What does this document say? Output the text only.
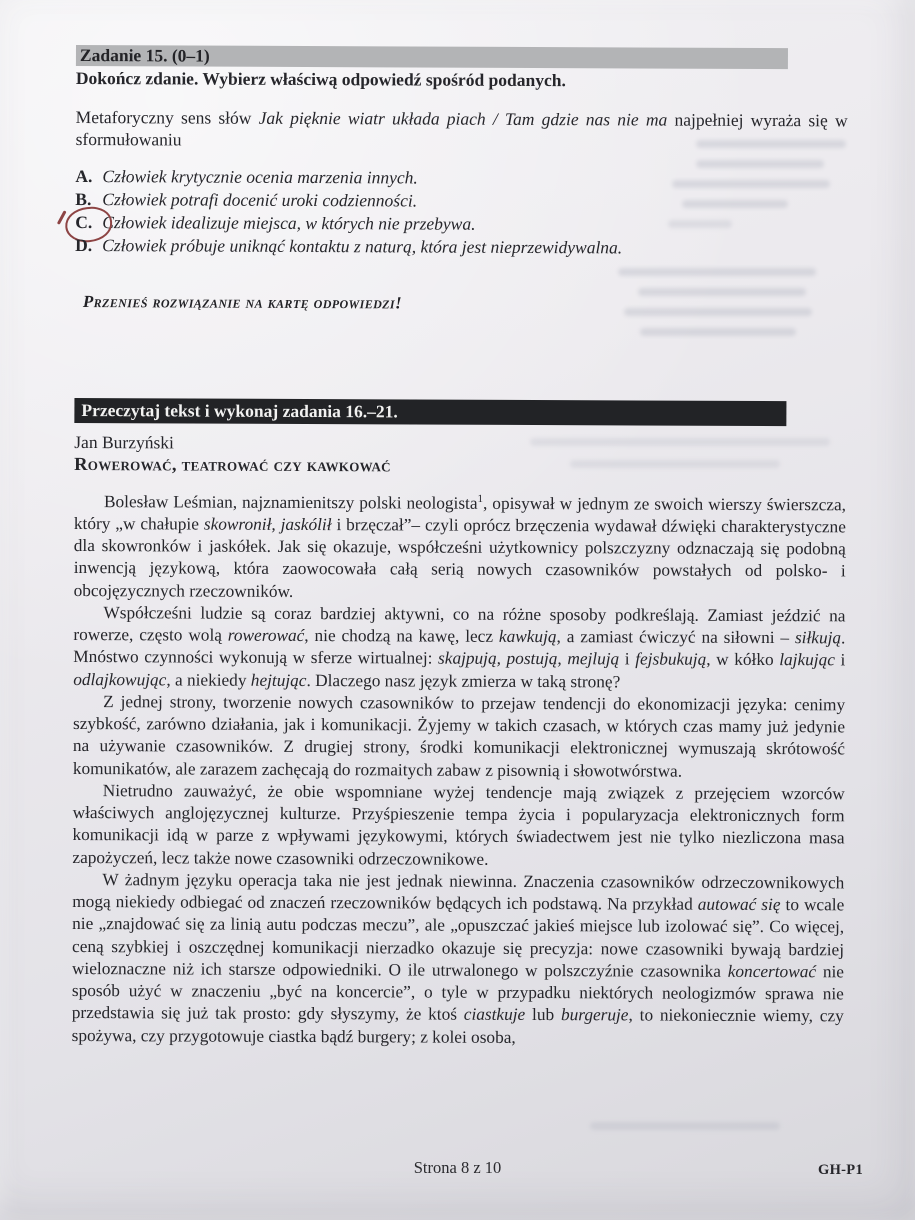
Zadanie 15. (0–1)
Dokończ zdanie. Wybierz właściwą odpowiedź spośród podanych.
Metaforyczny sens słów Jak pięknie wiatr układa piach / Tam gdzie nas nie ma najpełniej wyraża się w sformułowaniu
A. Człowiek krytycznie ocenia marzenia innych.
B. Człowiek potrafi docenić uroki codzienności.
C. Człowiek idealizuje miejsca, w których nie przebywa.
D. Człowiek próbuje uniknąć kontaktu z naturą, która jest nieprzewidywalna.
Przenieś rozwiązanie na kartę odpowiedzi!
Przeczytaj tekst i wykonaj zadania 16.–21.
Jan Burzyński
Rowerować, teatrować czy kawkować

Bolesław Leśmian, najznamienitszy polski neologista$^1$, opisywał w jednym ze swoich wierszy świerszcza, który „w chałupie skowronił, jaskólił i brzęczał”– czyli oprócz brzęczenia wydawał dźwięki charakterystyczne dla skowronków i jaskółek. Jak się okazuje, współcześni użytkownicy polszczyzny odznaczają się podobną inwencją językową, która zaowocowała całą serią nowych czasowników powstałych od polsko- i obcojęzycznych rzeczowników.

Współcześni ludzie są coraz bardziej aktywni, co na różne sposoby podkreślają. Zamiast jeździć na rowerze, często wolą rowerować, nie chodzą na kawę, lecz kawkują, a zamiast ćwiczyć na siłowni – siłkują. Mnóstwo czynności wykonują w sferze wirtualnej: skajpują, postują, mejlują i fejsbukują, w kółko lajkując i odlajkowując, a niekiedy hejtując. Dlaczego nasz język zmierza w taką stronę?

Z jednej strony, tworzenie nowych czasowników to przejaw tendencji do ekonomizacji języka: cenimy szybkość, zarówno działania, jak i komunikacji. Żyjemy w takich czasach, w których czas mamy już jedynie na używanie czasowników. Z drugiej strony, środki komunikacji elektronicznej wymuszają skrótowość komunikatów, ale zarazem zachęcają do rozmaitych zabaw z pisownią i słowotwórstwa.

Nietrudno zauważyć, że obie wspomniane wyżej tendencje mają związek z przejęciem wzorców właściwych anglojęzycznej kulturze. Przyśpieszenie tempa życia i popularyzacja elektronicznych form komunikacji idą w parze z wpływami językowymi, których świadectwem jest nie tylko niezliczona masa zapożyczeń, lecz także nowe czasowniki odrzeczownikowe.

W żadnym języku operacja taka nie jest jednak niewinna. Znaczenia czasowników odrzeczownikowych mogą niekiedy odbiegać od znaczeń rzeczowników będących ich podstawą. Na przykład autować się to wcale nie „znajdować się za linią autu podczas meczu”, ale „opuszczać jakieś miejsce lub izolować się”. Co więcej, ceną szybkiej i oszczędnej komunikacji nierzadko okazuje się precyzja: nowe czasowniki bywają bardziej wieloznaczne niż ich starsze odpowiedniki. O ile utrwalonego w polszczyźnie czasownika koncertować nie sposób użyć w znaczeniu „być na koncercie”, o tyle w przypadku niektórych neologizmów sprawa nie przedstawia się już tak prosto: gdy słyszymy, że ktoś ciastkuje lub burgeruje, to niekoniecznie wiemy, czy spożywa, czy przygotowuje ciastka bądź burgery; z kolei osoba,

Strona 8 z 10	GH-P1
